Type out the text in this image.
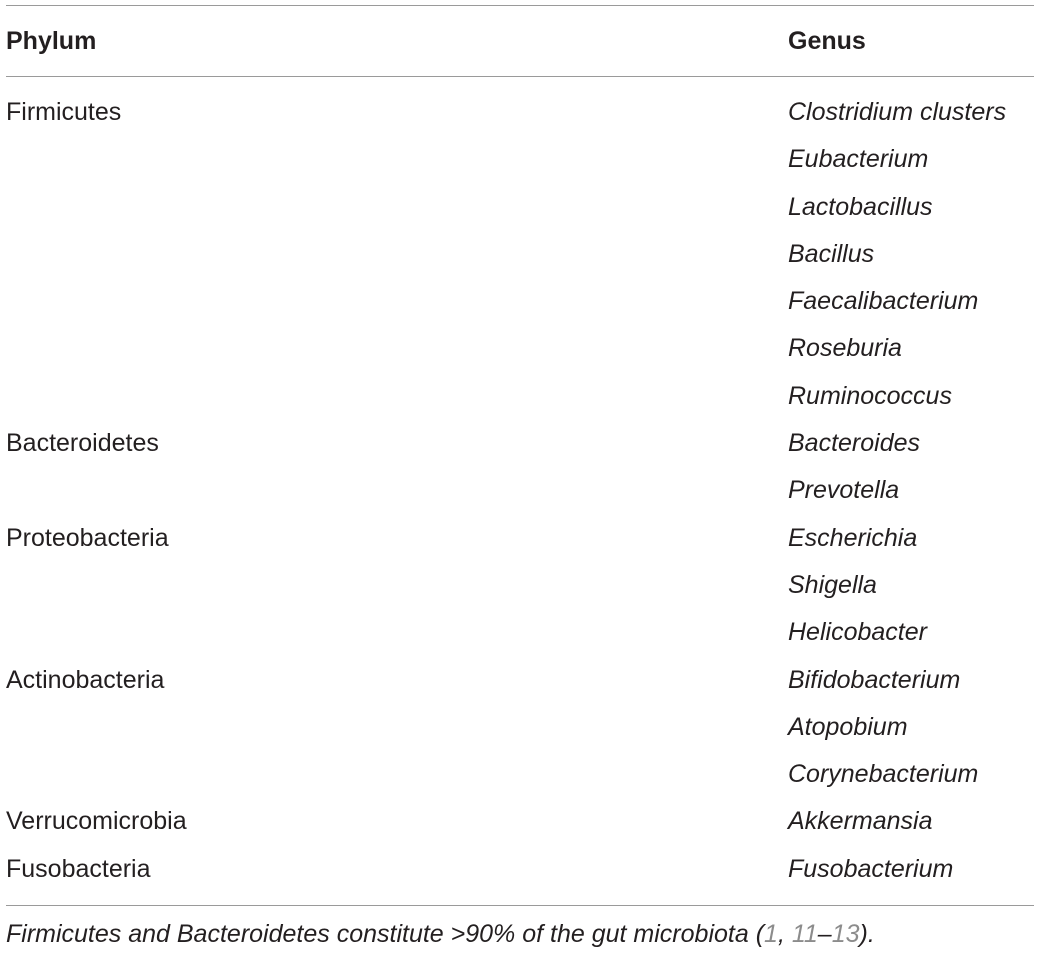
Phylum	Genus
Firmicutes	Clostridium clusters
Eubacterium
Lactobacillus
Bacillus
Faecalibacterium
Roseburia
Ruminococcus
Bacteroidetes	Bacteroides
Prevotella
Proteobacteria	Escherichia
Shigella
Helicobacter
Actinobacteria	Bifidobacterium
Atopobium
Corynebacterium
Verrucomicrobia	Akkermansia
Fusobacteria	Fusobacterium
Firmicutes and Bacteroidetes constitute >90% of the gut microbiota (1, 11–13).
